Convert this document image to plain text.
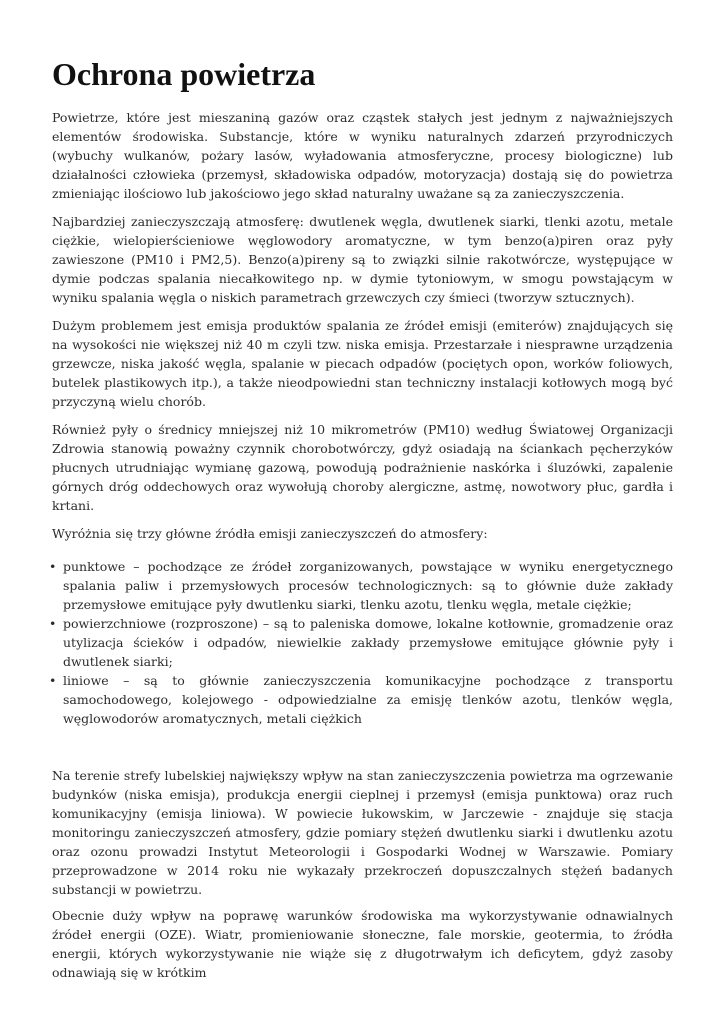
Ochrona powietrza

Powietrze, które jest mieszaniną gazów oraz cząstek stałych jest jednym z najważniejszych elementów środowiska. Substancje, które w wyniku naturalnych zdarzeń przyrodniczych (wybuchy wulkanów, pożary lasów, wyładowania atmosferyczne, procesy biologiczne) lub działalności człowieka (przemysł, składowiska odpadów, motoryzacja) dostają się do powietrza zmieniając ilościowo lub jakościowo jego skład naturalny uważane są za zanieczyszczenia.

Najbardziej zanieczyszczają atmosferę: dwutlenek węgla, dwutlenek siarki, tlenki azotu, metale ciężkie, wielopierścieniowe węglowodory aromatyczne, w tym benzo(a)piren oraz pyły zawieszone (PM10 i PM2,5). Benzo(a)pireny są to związki silnie rakotwórcze, występujące w dymie podczas spalania niecałkowitego np. w dymie tytoniowym, w smogu powstającym w wyniku spalania węgla o niskich parametrach grzewczych czy śmieci (tworzyw sztucznych).

Dużym problemem jest emisja produktów spalania ze źródeł emisji (emiterów) znajdujących się na wysokości nie większej niż 40 m czyli tzw. niska emisja. Przestarzałe i niesprawne urządzenia grzewcze, niska jakość węgla, spalanie w piecach odpadów (pociętych opon, worków foliowych, butelek plastikowych itp.), a także nieodpowiedni stan techniczny instalacji kotłowych mogą być przyczyną wielu chorób.

Również pyły o średnicy mniejszej niż 10 mikrometrów (PM10) według Światowej Organizacji Zdrowia stanowią poważny czynnik chorobotwórczy, gdyż osiadają na ściankach pęcherzyków płucnych utrudniając wymianę gazową, powodują podrażnienie naskórka i śluzówki, zapalenie górnych dróg oddechowych oraz wywołują choroby alergiczne, astmę, nowotwory płuc, gardła i krtani.

Wyróżnia się trzy główne źródła emisji zanieczyszczeń do atmosfery:

• punktowe – pochodzące ze źródeł zorganizowanych, powstające w wyniku energetycznego spalania paliw i przemysłowych procesów technologicznych: są to głównie duże zakłady przemysłowe emitujące pyły dwutlenku siarki, tlenku azotu, tlenku węgla, metale ciężkie;
• powierzchniowe (rozproszone) – są to paleniska domowe, lokalne kotłownie, gromadzenie oraz utylizacja ścieków i odpadów, niewielkie zakłady przemysłowe emitujące głównie pyły i dwutlenek siarki;
• liniowe – są to głównie zanieczyszczenia komunikacyjne pochodzące z transportu samochodowego, kolejowego - odpowiedzialne za emisję tlenków azotu, tlenków węgla, węglowodorów aromatycznych, metali ciężkich

Na terenie strefy lubelskiej największy wpływ na stan zanieczyszczenia powietrza ma ogrzewanie budynków (niska emisja), produkcja energii cieplnej i przemysł (emisja punktowa) oraz ruch komunikacyjny (emisja liniowa). W powiecie łukowskim, w Jarczewie - znajduje się stacja monitoringu zanieczyszczeń atmosfery, gdzie pomiary stężeń dwutlenku siarki i dwutlenku azotu oraz ozonu prowadzi Instytut Meteorologii i Gospodarki Wodnej w Warszawie. Pomiary przeprowadzone w 2014 roku nie wykazały przekroczeń dopuszczalnych stężeń badanych substancji w powietrzu.

Obecnie duży wpływ na poprawę warunków środowiska ma wykorzystywanie odnawialnych źródeł energii (OZE). Wiatr, promieniowanie słoneczne, fale morskie, geotermia, to źródła energii, których wykorzystywanie nie wiąże się z długotrwałym ich deficytem, gdyż zasoby odnawiają się w krótkim
